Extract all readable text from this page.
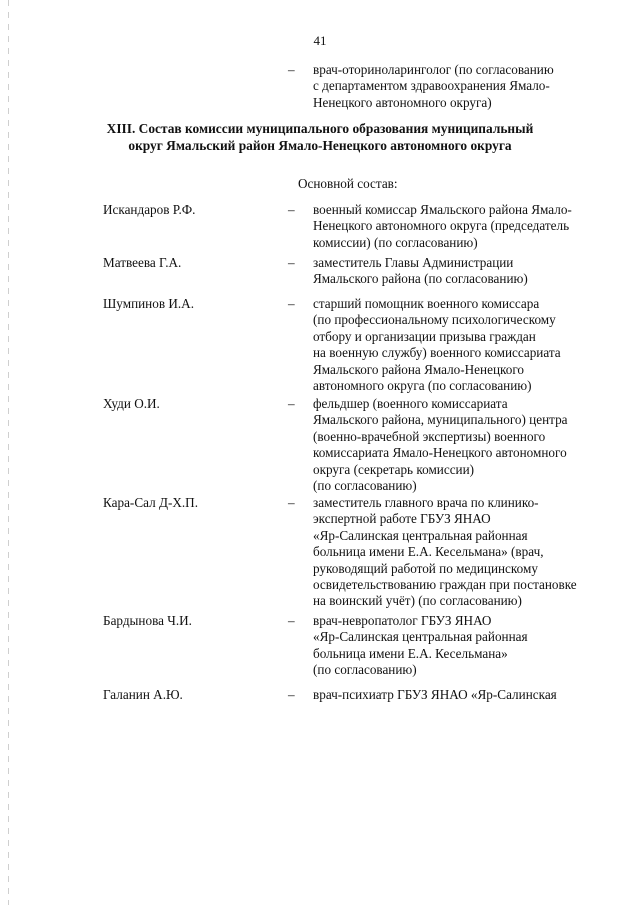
41
–	врач-оториноларинголог (по согласованию
с департаментом здравоохранения Ямало-
Ненецкого автономного округа)
XIII. Состав комиссии муниципального образования муниципальный
округ Ямальский район Ямало-Ненецкого автономного округа
Основной состав:
Искандаров Р.Ф.	–	военный комиссар Ямальского района Ямало-
Ненецкого автономного округа (председатель
комиссии) (по согласованию)
Матвеева Г.А.	–	заместитель Главы Администрации
Ямальского района (по согласованию)
Шумпинов И.А.	–	старший помощник военного комиссара
(по профессиональному психологическому
отбору и организации призыва граждан
на военную службу) военного комиссариата
Ямальского района Ямало-Ненецкого
автономного округа (по согласованию)
Худи О.И.	–	фельдшер (военного комиссариата
Ямальского района, муниципального) центра
(военно-врачебной экспертизы) военного
комиссариата Ямало-Ненецкого автономного
округа (секретарь комиссии)
(по согласованию)
Кара-Сал Д-Х.П.	–	заместитель главного врача по клинико-
экспертной работе ГБУЗ ЯНАО
«Яр-Салинская центральная районная
больница имени Е.А. Кесельмана» (врач,
руководящий работой по медицинскому
освидетельствованию граждан при постановке
на воинский учёт) (по согласованию)
Бардынова Ч.И.	–	врач-невропатолог ГБУЗ ЯНАО
«Яр-Салинская центральная районная
больница имени Е.А. Кесельмана»
(по согласованию)
Галанин А.Ю.	–	врач-психиатр ГБУЗ ЯНАО «Яр-Салинская
